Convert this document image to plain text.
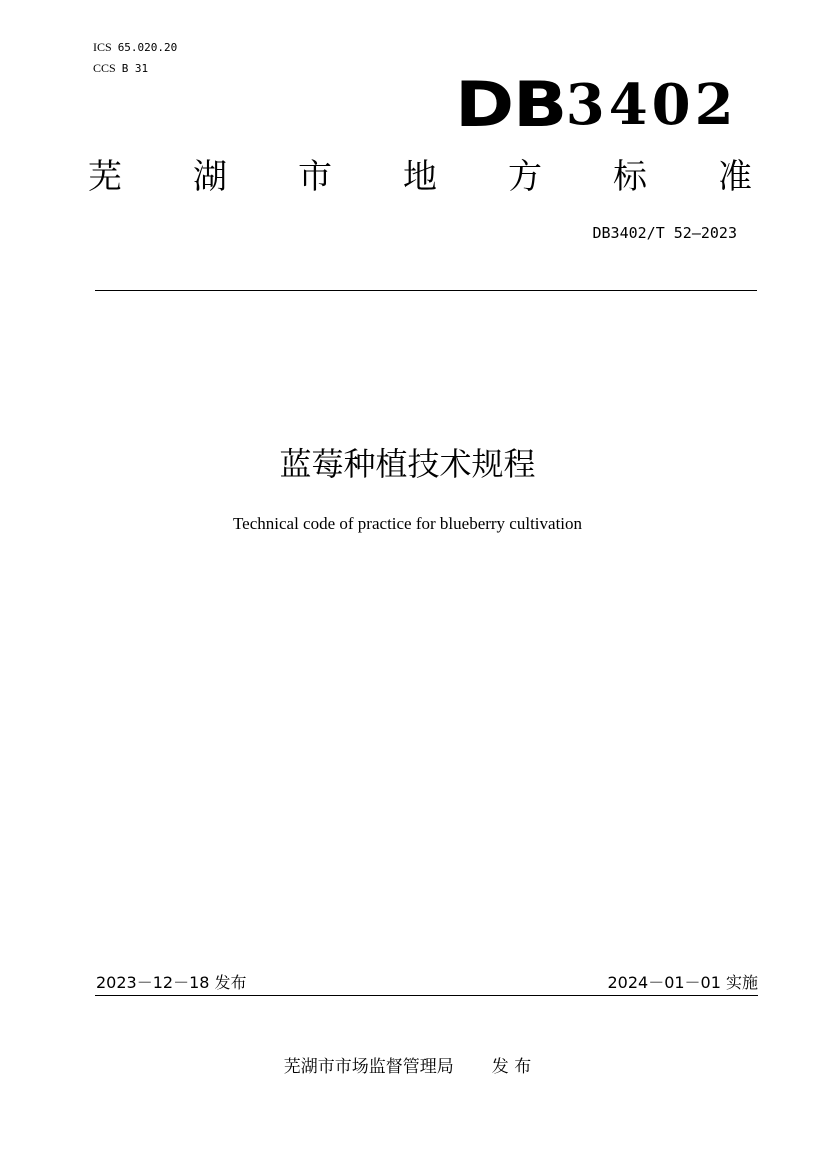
ICS 65.020.20
CCS B 31	DB 3402
芜 湖 市 地 方 标 准
DB3402/T 52—2023
蓝莓种植技术规程
Technical code of practice for blueberry cultivation
2023－12－18 发布	2024－01－01 实施
芜湖市市场监督管理局 发 布
